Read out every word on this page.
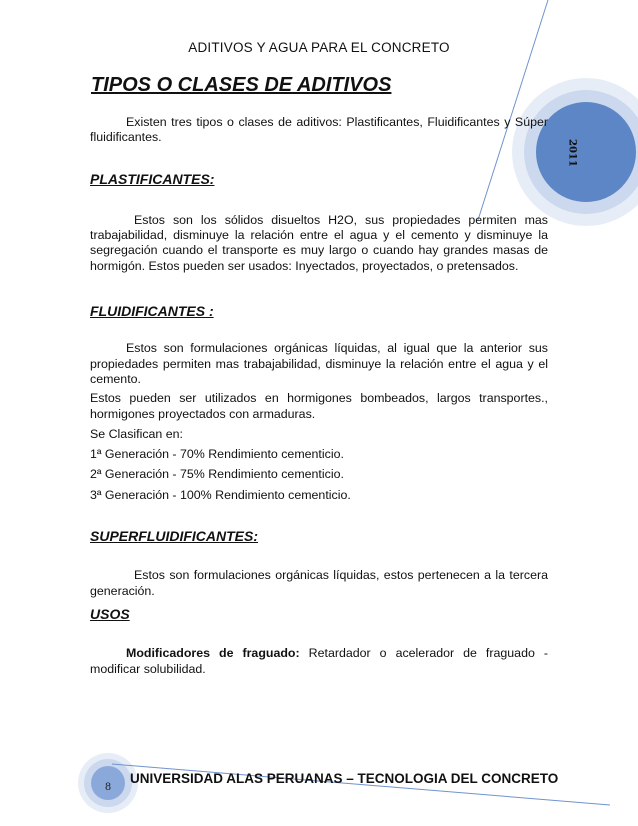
ADITIVOS Y AGUA PARA EL CONCRETO
TIPOS O CLASES DE ADITIVOS
2011

Existen tres tipos o clases de aditivos: Plastificantes, Fluidificantes y Súper fluidificantes.

PLASTIFICANTES:

Estos son los sólidos disueltos H2O, sus propiedades permiten mas trabajabilidad, disminuye la relación entre el agua y el cemento y disminuye la segregación cuando el transporte es muy largo o cuando hay grandes masas de hormigón. Estos pueden ser usados: Inyectados, proyectados, o pretensados.

FLUIDIFICANTES :

Estos son formulaciones orgánicas líquidas, al igual que la anterior sus propiedades permiten mas trabajabilidad, disminuye la relación entre el agua y el cemento.

Estos pueden ser utilizados en hormigones bombeados, largos transportes., hormigones proyectados con armaduras.

Se Clasifican en:

1ª Generación - 70% Rendimiento cementicio.

2ª Generación - 75% Rendimiento cementicio.

3ª Generación - 100% Rendimiento cementicio.

SUPERFLUIDIFICANTES:

Estos son formulaciones orgánicas líquidas, estos pertenecen a la tercera generación.

USOS

Modificadores de fraguado: Retardador o acelerador de fraguado - modificar solubilidad.

8
UNIVERSIDAD ALAS PERUANAS – TECNOLOGIA DEL CONCRETO
